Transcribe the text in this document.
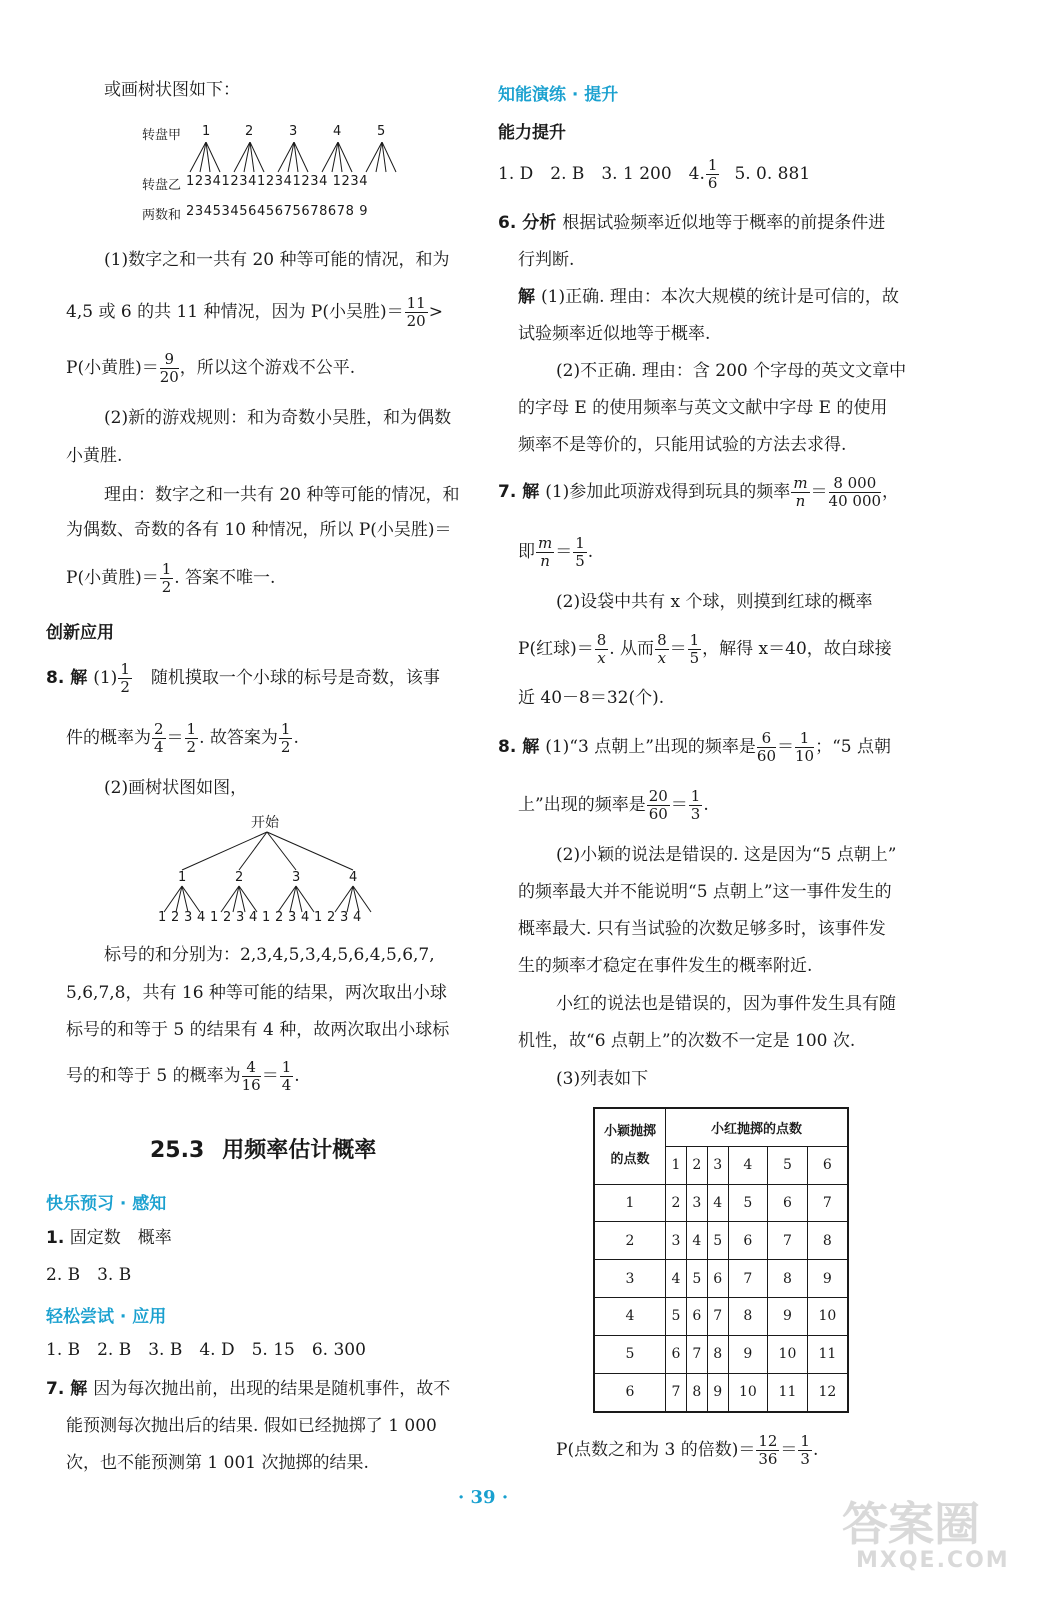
或画树状图如下：
转盘甲 1	2	3	4	5
转盘乙 1234123412341234 1234
两数和 2345345645675678678 9
(1)数字之和一共有 20 种等可能的情况，和为
4,5 或 6 的共 11 种情况，因为 P(小吴胜)＝ 11
20 >
P(小黄胜)＝ 9
20 ，所以这个游戏不公平.
(2)新的游戏规则：和为奇数小吴胜，和为偶数
小黄胜.
理由：数字之和一共有 20 种等可能的情况，和
为偶数、奇数的各有 10 种情况，所以 P(小吴胜)＝
P(小黄胜)＝ 1
2 . 答案不唯一.
创新应用
8. 解 (1) 1
2 随机摸取一个小球的标号是奇数，该事
件的概率为 2
4 ＝ 1
2 . 故答案为 1
2 .
(2)画树状图如图，
开始
1	2	3	4
1 2 3 4 1 2 3 4 1 2 3 4 1 2 3 4
标号的和分别为：2,3,4,5,3,4,5,6,4,5,6,7,
5,6,7,8，共有 16 种等可能的结果，两次取出小球
标号的和等于 5 的结果有 4 种，故两次取出小球标
号的和等于 5 的概率为 4
16 ＝ 1
4 .
25.3 用频率估计概率
快乐预习 · 感知
1. 固定数　概率
2. B　3. B
轻松尝试 · 应用
1. B　2. B　3. B　4. D　5. 15　6. 300
7. 解 因为每次抛出前，出现的结果是随机事件，故不
能预测每次抛出后的结果. 假如已经抛掷了 1 000
次，也不能预测第 1 001 次抛掷的结果.
知能演练 · 提升
能力提升
1. D　2. B　3. 1 200　4. 1
6 5. 0. 881
6. 分析 根据试验频率近似地等于概率的前提条件进
行判断.
解 (1)正确. 理由：本次大规模的统计是可信的，故
试验频率近似地等于概率.
(2)不正确. 理由：含 200 个字母的英文文章中
的字母 E 的使用频率与英文文献中字母 E 的使用
频率不是等价的，只能用试验的方法去求得.
7. 解 (1)参加此项游戏得到玩具的频率 m
n ＝ 8 000
40 000 ，
即 m
n ＝ 1
5 .
(2)设袋中共有 x 个球，则摸到红球的概率
P(红球)＝ 8
x . 从而 8
x ＝ 1
5 ，解得 x＝40，故白球接
近 40－8＝32(个).
8. 解 (1)“3 点朝上”出现的频率是 6
60 ＝ 1
10 ；“5 点朝
上”出现的频率是 20
60 ＝ 1
3 .
(2)小颖的说法是错误的. 这是因为“5 点朝上”
的频率最大并不能说明“5 点朝上”这一事件发生的
概率最大. 只有当试验的次数足够多时，该事件发
生的频率才稳定在事件发生的概率附近.
小红的说法也是错误的，因为事件发生具有随
机性，故“6 点朝上”的次数不一定是 100 次.
(3)列表如下
小颖抛掷
的点数	小红抛掷的点数					
	1	2	3	4	5	6
1	2	3	4	5	6	7
2	3	4	5	6	7	8
3	4	5	6	7	8	9
4	5	6	7	8	9	10
5	6	7	8	9	10	11
6	7	8	9	10	11	12
P(点数之和为 3 的倍数)＝ 12
36 ＝ 1
3 .
· 39 ·	答案圈
MXQE.COM
